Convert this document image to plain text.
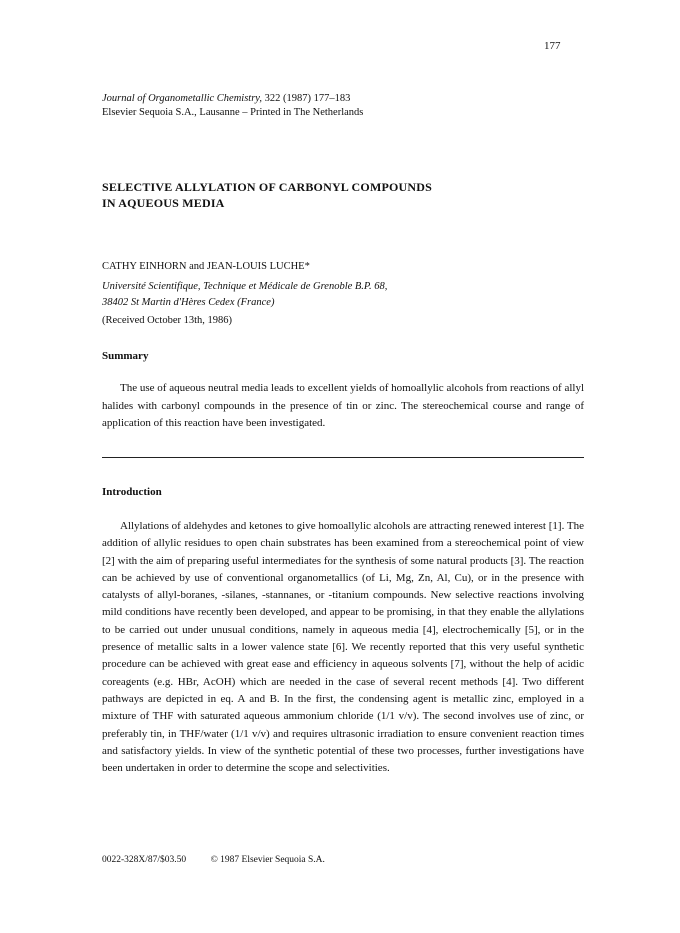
177
Journal of Organometallic Chemistry, 322 (1987) 177–183
Elsevier Sequoia S.A., Lausanne – Printed in The Netherlands
SELECTIVE ALLYLATION OF CARBONYL COMPOUNDS
IN AQUEOUS MEDIA
CATHY EINHORN and JEAN-LOUIS LUCHE*
Université Scientifique, Technique et Médicale de Grenoble B.P. 68,
38402 St Martin d'Hères Cedex (France)
(Received October 13th, 1986)
Summary
The use of aqueous neutral media leads to excellent yields of homoallylic alcohols from reactions of allyl halides with carbonyl compounds in the presence of tin or zinc. The stereochemical course and range of application of this reaction have been investigated.
Introduction
Allylations of aldehydes and ketones to give homoallylic alcohols are attracting renewed interest [1]. The addition of allylic residues to open chain substrates has been examined from a stereochemical point of view [2] with the aim of preparing useful intermediates for the synthesis of some natural products [3]. The reaction can be achieved by use of conventional organometallics (of Li, Mg, Zn, Al, Cu), or in the presence with catalysts of allyl-boranes, -silanes, -stannanes, or -titanium compounds. New selective reactions involving mild conditions have recently been developed, and appear to be promising, in that they enable the allylations to be carried out under unusual conditions, namely in aqueous media [4], electrochemically [5], or in the presence of metallic salts in a lower valence state [6]. We recently reported that this very useful synthetic procedure can be achieved with great ease and efficiency in aqueous solvents [7], without the help of acidic coreagents (e.g. HBr, AcOH) which are needed in the case of several recent methods [4]. Two different pathways are depicted in eq. A and B. In the first, the condensing agent is metallic zinc, employed in a mixture of THF with saturated aqueous ammonium chloride (1/1 v/v). The second involves use of zinc, or preferably tin, in THF/water (1/1 v/v) and requires ultrasonic irradiation to ensure convenient reaction times and satisfactory yields. In view of the synthetic potential of these two processes, further investigations have been undertaken in order to determine the scope and selectivities.
0022-328X/87/$03.50	© 1987 Elsevier Sequoia S.A.
